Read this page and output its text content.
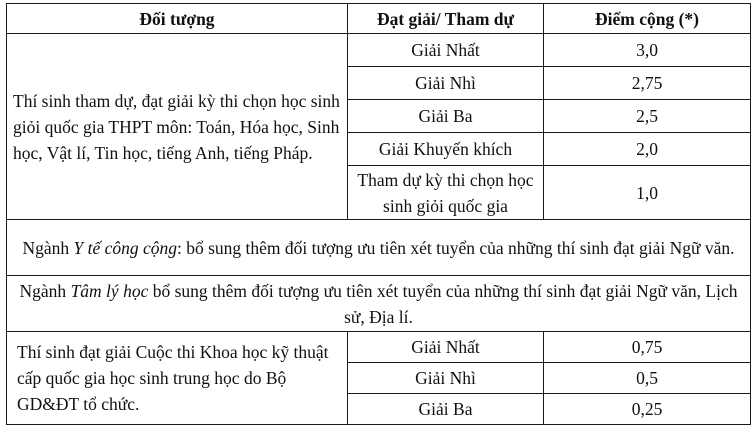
Đối tượng	Đạt giải/ Tham dự	Điểm cộng (*)
Thí sinh tham dự, đạt giải kỳ thi chọn học sinh giỏi quốc gia THPT môn: Toán, Hóa học, Sinh học, Vật lí, Tin học, tiếng Anh, tiếng Pháp.	Giải Nhất	3,0
	Giải Nhì	2,75
	Giải Ba	2,5
	Giải Khuyến khích	2,0
	Tham dự kỳ thi chọn học sinh giỏi quốc gia	1,0
Ngành Y tế công cộng: bổ sung thêm đối tượng ưu tiên xét tuyển của những thí sinh đạt giải Ngữ văn.		
Ngành Tâm lý học bổ sung thêm đối tượng ưu tiên xét tuyển của những thí sinh đạt giải Ngữ văn, Lịch sử, Địa lí.		
Thí sinh đạt giải Cuộc thi Khoa học kỹ thuật cấp quốc gia học sinh trung học do Bộ GD&ĐT tổ chức.	Giải Nhất	0,75
	Giải Nhì	0,5
	Giải Ba	0,25
